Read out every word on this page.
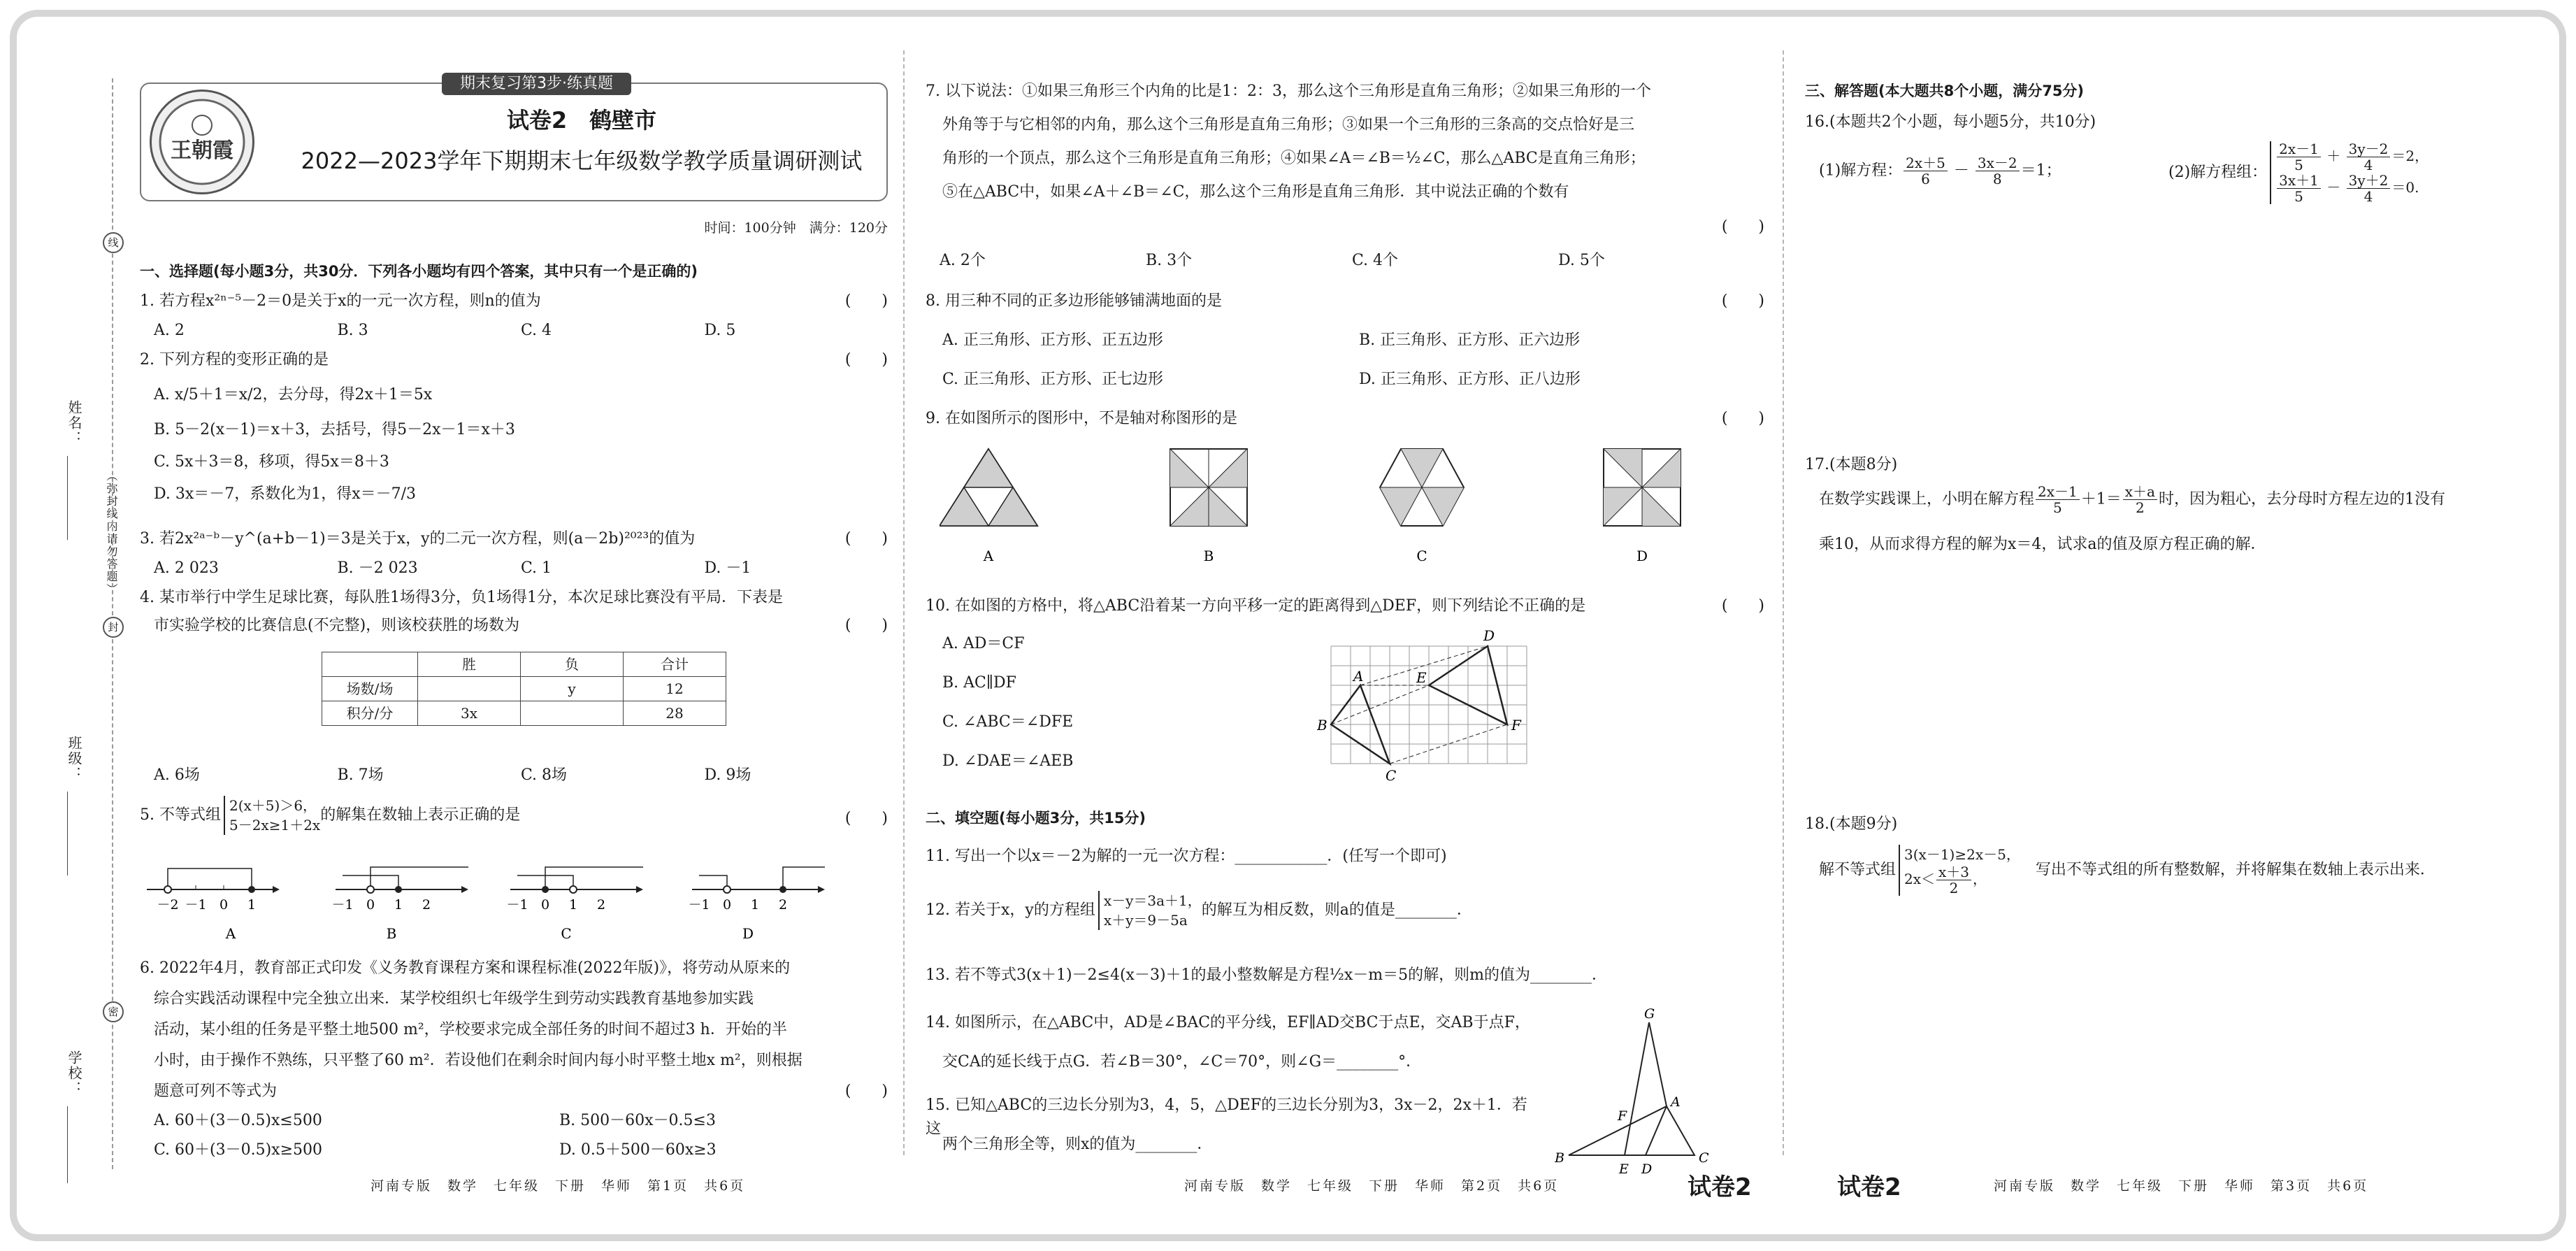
姓名：
（弥封线内请勿答题）
班级：
学校：
线
封
密
期末复习第3步·练真题
王朝霞
试卷2　鹤壁市
2022—2023学年下期期末七年级数学教学质量调研测试
时间：100分钟　满分：120分
一、选择题(每小题3分，共30分．下列各小题均有四个答案，其中只有一个是正确的)
1. 若方程x²ⁿ⁻⁵－2＝0是关于x的一元一次方程，则n的值为	(　　)
A. 2	B. 3	C. 4	D. 5
2. 下列方程的变形正确的是	(　　)
A. x/5＋1＝x/2，去分母，得2x＋1＝5x
B. 5－2(x－1)＝x＋3，去括号，得5－2x－1＝x＋3
C. 5x＋3＝8，移项，得5x＝8＋3
D. 3x＝－7，系数化为1，得x＝－7/3
3. 若2x²ᵃ⁻ᵇ－y^(a+b－1)＝3是关于x，y的二元一次方程，则(a－2b)²⁰²³的值为	(　　)
A. 2 023	B. －2 023	C. 1	D. －1
4. 某市举行中学生足球比赛，每队胜1场得3分，负1场得1分，本次足球比赛没有平局．下表是
市实验学校的比赛信息(不完整)，则该校获胜的场数为	(　　)
	胜	负	合计
场数/场		y	12
积分/分	3x		28
A. 6场	B. 7场	C. 8场	D. 9场
5. 不等式组2(x＋5)＞6，
5－2x≥1＋2x的解集在数轴上表示正确的是	(　　)
－2 －1 0 1
A
－1 0 1 2
B
－1 0 1 2
C
－1 0 1 2
D
6. 2022年4月，教育部正式印发《义务教育课程方案和课程标准(2022年版)》，将劳动从原来的
综合实践活动课程中完全独立出来．某学校组织七年级学生到劳动实践教育基地参加实践
活动，某小组的任务是平整土地500 m²，学校要求完成全部任务的时间不超过3 h．开始的半
小时，由于操作不熟练，只平整了60 m²．若设他们在剩余时间内每小时平整土地x m²，则根据
题意可列不等式为	(　　)
A. 60＋(3－0.5)x≤500	B. 500－60x－0.5≤3
C. 60＋(3－0.5)x≥500	D. 0.5＋500－60x≥3
河南专版　数学　七年级　下册　华师　第1页　共6页
7. 以下说法：①如果三角形三个内角的比是1：2：3，那么这个三角形是直角三角形；②如果三角形的一个
外角等于与它相邻的内角，那么这个三角形是直角三角形；③如果一个三角形的三条高的交点恰好是三
角形的一个顶点，那么这个三角形是直角三角形；④如果∠A＝∠B＝½∠C，那么△ABC是直角三角形；
⑤在△ABC中，如果∠A＋∠B＝∠C，那么这个三角形是直角三角形．其中说法正确的个数有
(　　)
A. 2个	B. 3个	C. 4个	D. 5个
8. 用三种不同的正多边形能够铺满地面的是	(　　)
A. 正三角形、正方形、正五边形	B. 正三角形、正方形、正六边形
C. 正三角形、正方形、正七边形	D. 正三角形、正方形、正八边形
9. 在如图所示的图形中，不是轴对称图形的是	(　　)
A	B	C	D
10. 在如图的方格中，将△ABC沿着某一方向平移一定的距离得到△DEF，则下列结论不正确的是	(　　)
A. AD＝CF
B. AC∥DF
C. ∠ABC＝∠DFE
D. ∠DAE＝∠AEB
A
B
C
D
E
F
二、填空题(每小题3分，共15分)
11. 写出一个以x＝－2为解的一元一次方程：____________．(任写一个即可)
12. 若关于x，y的方程组x－y＝3a＋1，
x＋y＝9－5a的解互为相反数，则a的值是________．
13. 若不等式3(x＋1)－2≤4(x－3)＋1的最小整数解是方程½x－m＝5的解，则m的值为________．
14. 如图所示，在△ABC中，AD是∠BAC的平分线，EF∥AD交BC于点E，交AB于点F，
交CA的延长线于点G．若∠B＝30°，∠C＝70°，则∠G＝________°．
15. 已知△ABC的三边长分别为3，4，5，△DEF的三边长分别为3，3x－2，2x＋1．若这
两个三角形全等，则x的值为________．
G
A
F
B
E D
C
河南专版　数学　七年级　下册　华师　第2页　共6页	试卷2
三、解答题(本大题共8个小题，满分75分)
16.(本题共2个小题，每小题5分，共10分)
(1)解方程： $\frac{2x+5}{6} - \frac{3x-2}{8} =1$；	(2)解方程组： $\frac{2x-1}{5} + \frac{3y-2}{4} =2$，

$\frac{3x+1}{5} - \frac{3y+2}{4} =0$.
17.(本题8分)
在数学实践课上，小明在解方程 $\frac{2x-1}{5} +1= \frac{x+a}{2}$ 时，因为粗心，去分母时方程左边的1没有
乘10，从而求得方程的解为x＝4，试求a的值及原方程正确的解．
18.(本题9分)
解不等式组3(x－1)≥2x－5，
$2x< \frac{x+3}{2}$ ，　写出不等式组的所有整数解，并将解集在数轴上表示出来．
试卷2	河南专版　数学　七年级　下册　华师　第3页　共6页
